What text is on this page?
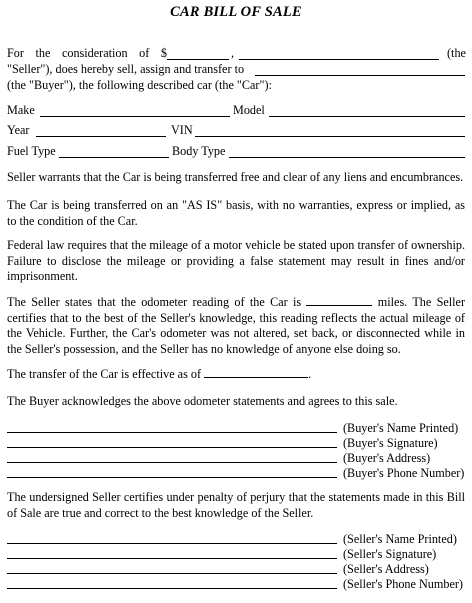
CAR BILL OF SALE
For the consideration of $	,	(the
"Seller"), does hereby sell, assign and transfer to
(the "Buyer"), the following described car (the "Car"):
Make	Model
Year	VIN
Fuel Type	Body Type
Seller warrants that the Car is being transferred free and clear of any liens and encumbrances.
The Car is being transferred on an "AS IS" basis, with no warranties, express or implied, as to the condition of the Car.
Federal law requires that the mileage of a motor vehicle be stated upon transfer of ownership. Failure to disclose the mileage or providing a false statement may result in fines and/or imprisonment.
The Seller states that the odometer reading of the Car is	miles. The Seller certifies that to the best of the Seller's knowledge, this reading reflects the actual mileage of the Vehicle. Further, the Car's odometer was not altered, set back, or disconnected while in the Seller's possession, and the Seller has no knowledge of anyone else doing so.
The transfer of the Car is effective as of	.
The Buyer acknowledges the above odometer statements and agrees to this sale.
(Buyer's Name Printed)
(Buyer's Signature)
(Buyer's Address)
(Buyer's Phone Number)
The undersigned Seller certifies under penalty of perjury that the statements made in this Bill of Sale are true and correct to the best knowledge of the Seller.
(Seller's Name Printed)
(Seller's Signature)
(Seller's Address)
(Seller's Phone Number)
